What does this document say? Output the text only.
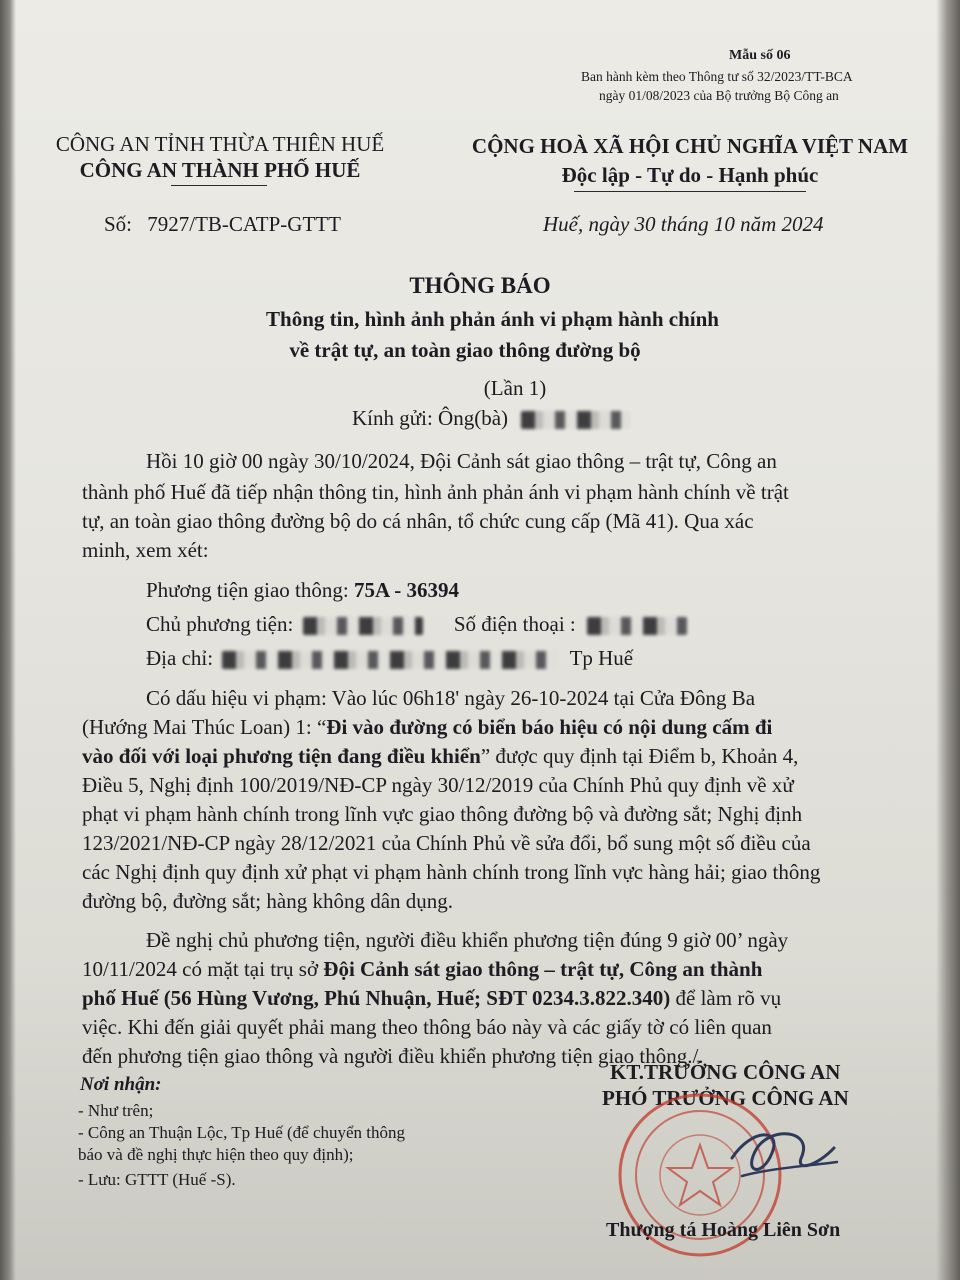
Mẫu số 06
Ban hành kèm theo Thông tư số 32/2023/TT-BCA
ngày 01/08/2023 của Bộ trưởng Bộ Công an
CÔNG AN TỈNH THỪA THIÊN HUẾ
CÔNG AN THÀNH PHỐ HUẾ
Số: 7927/TB-CATP-GTTT
CỘNG HOÀ XÃ HỘI CHỦ NGHĨA VIỆT NAM
Độc lập - Tự do - Hạnh phúc
Huế, ngày 30 tháng 10 năm 2024
THÔNG BÁO
Thông tin, hình ảnh phản ánh vi phạm hành chính
về trật tự, an toàn giao thông đường bộ
(Lần 1)
Kính gửi: Ông(bà)
Hồi 10 giờ 00 ngày 30/10/2024, Đội Cảnh sát giao thông – trật tự, Công an
thành phố Huế đã tiếp nhận thông tin, hình ảnh phản ánh vi phạm hành chính về trật
tự, an toàn giao thông đường bộ do cá nhân, tổ chức cung cấp (Mã 41). Qua xác
minh, xem xét:
Phương tiện giao thông: 75A - 36394
Chủ phương tiện:	Số điện thoại :
Địa chỉ:	Tp Huế
Có dấu hiệu vi phạm: Vào lúc 06h18' ngày 26-10-2024 tại Cửa Đông Ba
(Hướng Mai Thúc Loan) 1: “Đi vào đường có biển báo hiệu có nội dung cấm đi
vào đối với loại phương tiện đang điều khiển” được quy định tại Điểm b, Khoản 4,
Điều 5, Nghị định 100/2019/NĐ-CP ngày 30/12/2019 của Chính Phủ quy định về xử
phạt vi phạm hành chính trong lĩnh vực giao thông đường bộ và đường sắt; Nghị định
123/2021/NĐ-CP ngày 28/12/2021 của Chính Phủ về sửa đổi, bổ sung một số điều của
các Nghị định quy định xử phạt vi phạm hành chính trong lĩnh vực hàng hải; giao thông
đường bộ, đường sắt; hàng không dân dụng.
Đề nghị chủ phương tiện, người điều khiển phương tiện đúng 9 giờ 00’ ngày
10/11/2024 có mặt tại trụ sở Đội Cảnh sát giao thông – trật tự, Công an thành
phố Huế (56 Hùng Vương, Phú Nhuận, Huế; SĐT 0234.3.822.340) để làm rõ vụ
việc. Khi đến giải quyết phải mang theo thông báo này và các giấy tờ có liên quan
đến phương tiện giao thông và người điều khiển phương tiện giao thông./.
Nơi nhận:
- Như trên;
- Công an Thuận Lộc, Tp Huế (để chuyển thông
báo và đề nghị thực hiện theo quy định);
- Lưu: GTTT (Huế -S).
KT.TRƯỞNG CÔNG AN
PHÓ TRƯỞNG CÔNG AN
Thượng tá Hoàng Liên Sơn
